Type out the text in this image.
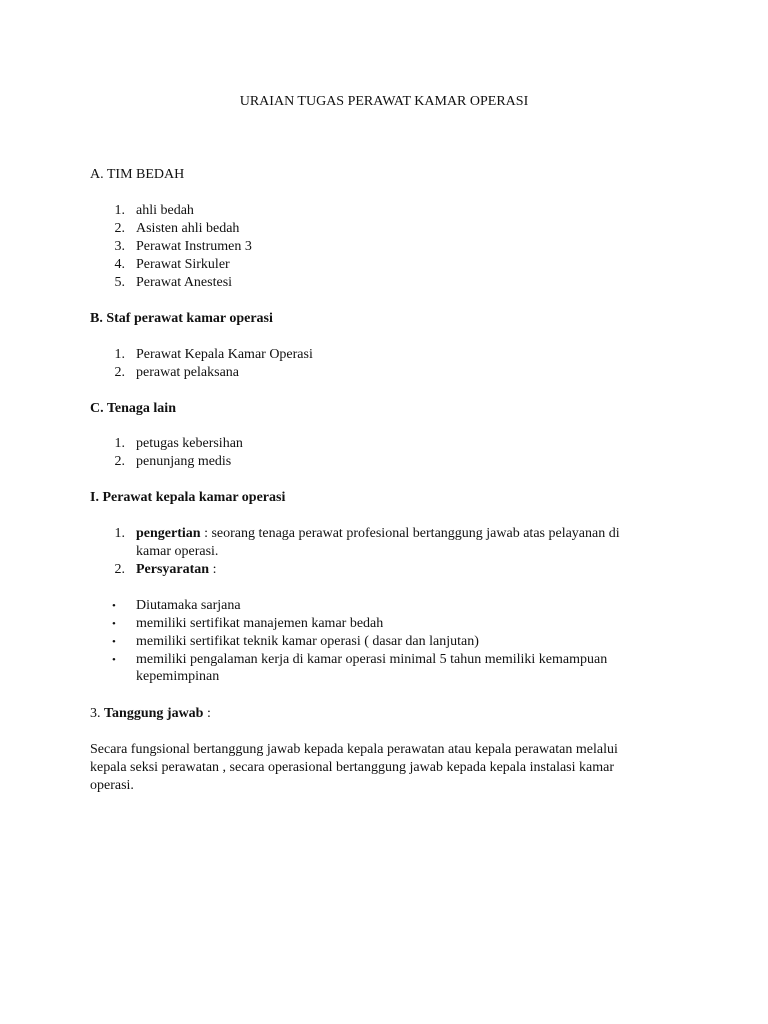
URAIAN TUGAS PERAWAT KAMAR OPERASI
A. TIM BEDAH
1. ahli bedah
2. Asisten ahli bedah
3. Perawat Instrumen 3
4. Perawat Sirkuler
5. Perawat Anestesi
B. Staf perawat kamar operasi
1. Perawat Kepala Kamar Operasi
2. perawat pelaksana
C. Tenaga lain
1. petugas kebersihan
2. penunjang medis
I. Perawat kepala kamar operasi
1. pengertian : seorang tenaga perawat profesional bertanggung jawab atas pelayanan di
kamar operasi.
2. Persyaratan :
• Diutamaka sarjana
• memiliki sertifikat manajemen kamar bedah
• memiliki sertifikat teknik kamar operasi ( dasar dan lanjutan)
• memiliki pengalaman kerja di kamar operasi minimal 5 tahun memiliki kemampuan
kepemimpinan
3. Tanggung jawab :
Secara fungsional bertanggung jawab kepada kepala perawatan atau kepala perawatan melalui
kepala seksi perawatan , secara operasional bertanggung jawab kepada kepala instalasi kamar
operasi.
